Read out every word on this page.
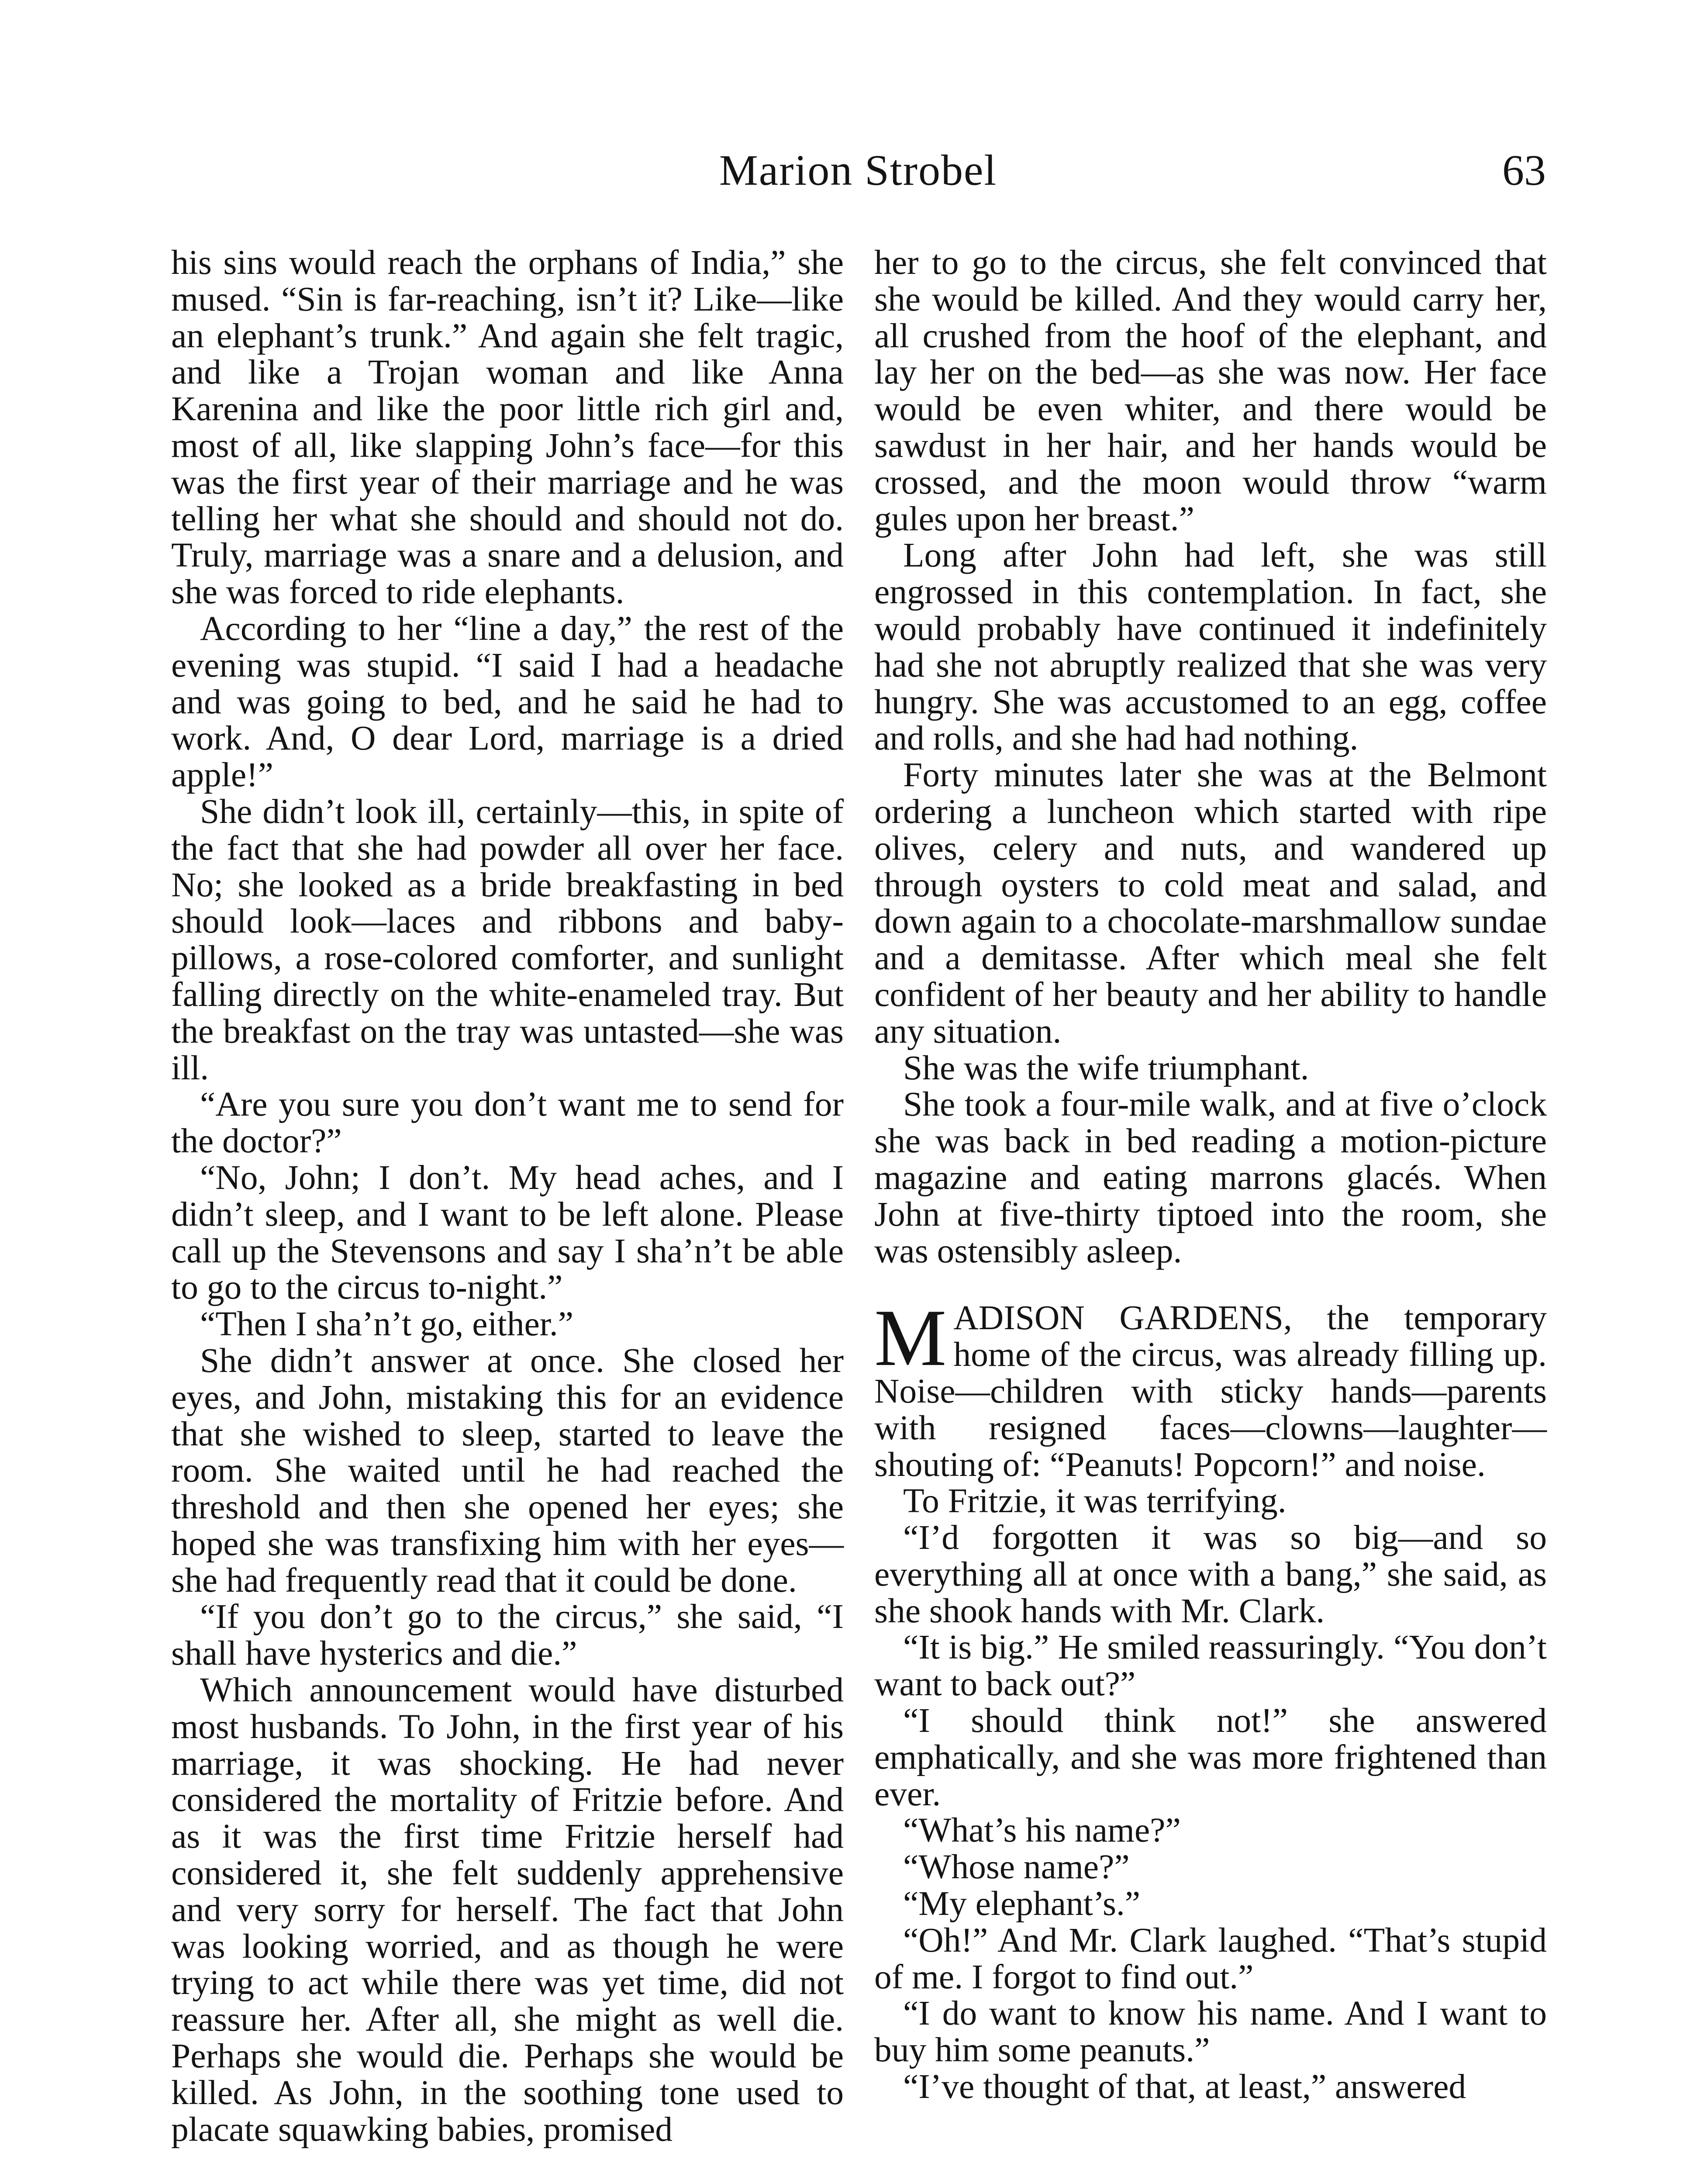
Marion Strobel	63

his sins would reach the orphans of India,” she mused. “Sin is far-reaching, isn’t it? Like—like an elephant’s trunk.” And again she felt tragic, and like a Trojan woman and like Anna Karenina and like the poor little rich girl and, most of all, like slapping John’s face—for this was the first year of their marriage and he was telling her what she should and should not do. Truly, marriage was a snare and a delusion, and she was forced to ride elephants.

According to her “line a day,” the rest of the evening was stupid. “I said I had a headache and was going to bed, and he said he had to work. And, O dear Lord, marriage is a dried apple!”

She didn’t look ill, certainly—this, in spite of the fact that she had powder all over her face. No; she looked as a bride breakfasting in bed should look—laces and ribbons and baby-pillows, a rose-colored comforter, and sunlight falling directly on the white-enameled tray. But the breakfast on the tray was untasted—she was ill.

“Are you sure you don’t want me to send for the doctor?”

“No, John; I don’t. My head aches, and I didn’t sleep, and I want to be left alone. Please call up the Stevensons and say I sha’n’t be able to go to the circus to-night.”

“Then I sha’n’t go, either.”

She didn’t answer at once. She closed her eyes, and John, mistaking this for an evidence that she wished to sleep, started to leave the room. She waited until he had reached the threshold and then she opened her eyes; she hoped she was transfixing him with her eyes—she had frequently read that it could be done.

“If you don’t go to the circus,” she said, “I shall have hysterics and die.”

Which announcement would have disturbed most husbands. To John, in the first year of his marriage, it was shocking. He had never considered the mortality of Fritzie before. And as it was the first time Fritzie herself had considered it, she felt suddenly apprehensive and very sorry for herself. The fact that John was looking worried, and as though he were trying to act while there was yet time, did not reassure her. After all, she might as well die. Perhaps she would die. Perhaps she would be killed. As John, in the soothing tone used to placate squawking babies, promised

her to go to the circus, she felt convinced that she would be killed. And they would carry her, all crushed from the hoof of the elephant, and lay her on the bed—as she was now. Her face would be even whiter, and there would be sawdust in her hair, and her hands would be crossed, and the moon would throw “warm gules upon her breast.”

Long after John had left, she was still engrossed in this contemplation. In fact, she would probably have continued it indefinitely had she not abruptly realized that she was very hungry. She was accustomed to an egg, coffee and rolls, and she had had nothing.

Forty minutes later she was at the Belmont ordering a luncheon which started with ripe olives, celery and nuts, and wandered up through oysters to cold meat and salad, and down again to a chocolate-marshmallow sundae and a demitasse. After which meal she felt confident of her beauty and her ability to handle any situation.

She was the wife triumphant.

She took a four-mile walk, and at five o’clock she was back in bed reading a motion-picture magazine and eating marrons glacés. When John at five-thirty tiptoed into the room, she was ostensibly asleep.

MADISON GARDENS, the temporary home of the circus, was already filling up. Noise—children with sticky hands—parents with resigned faces—clowns—laughter—shouting of: “Peanuts! Popcorn!” and noise.

To Fritzie, it was terrifying.

“I’d forgotten it was so big—and so everything all at once with a bang,” she said, as she shook hands with Mr. Clark.

“It is big.” He smiled reassuringly. “You don’t want to back out?”

“I should think not!” she answered emphatically, and she was more frightened than ever.

“What’s his name?”

“Whose name?”

“My elephant’s.”

“Oh!” And Mr. Clark laughed. “That’s stupid of me. I forgot to find out.”

“I do want to know his name. And I want to buy him some peanuts.”

“I’ve thought of that, at least,” answered
